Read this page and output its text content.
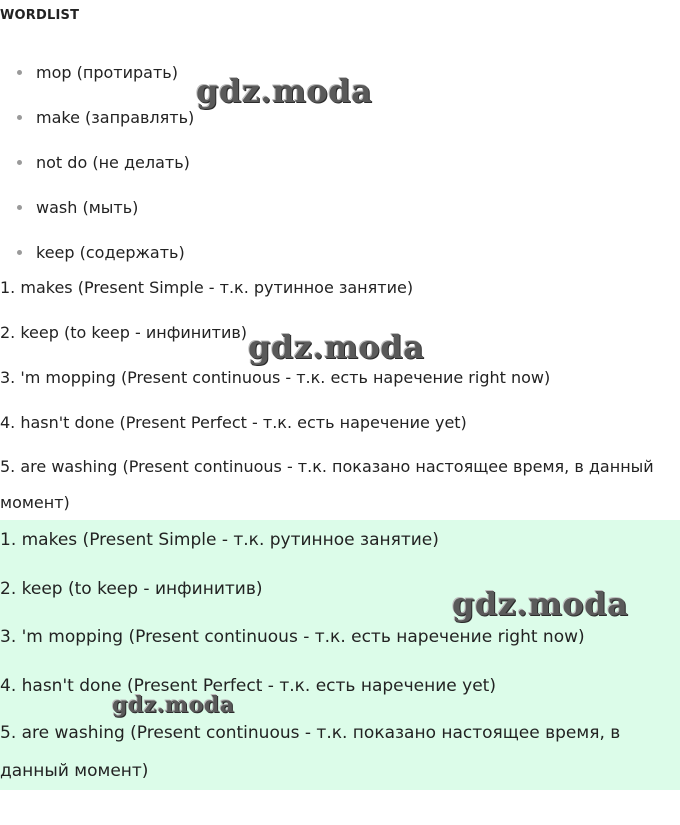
WORDLIST
mop (протирать)
make (заправлять)
not do (не делать)
wash (мыть)
keep (содержать)
1. makes (Present Simple - т.к. рутинное занятие)
2. keep (to keep - инфинитив)
3. 'm mopping (Present continuous - т.к. есть наречение right now)
4. hasn't done (Present Perfect - т.к. есть наречение yet)
5. are washing (Present continuous - т.к. показано настоящее время, в данный момент)
1. makes (Present Simple - т.к. рутинное занятие)
2. keep (to keep - инфинитив)
3. 'm mopping (Present continuous - т.к. есть наречение right now)
4. hasn't done (Present Perfect - т.к. есть наречение yet)
5. are washing (Present continuous - т.к. показано настоящее время, в данный момент)
gdz.moda
gdz.moda
gdz.moda
gdz.moda
